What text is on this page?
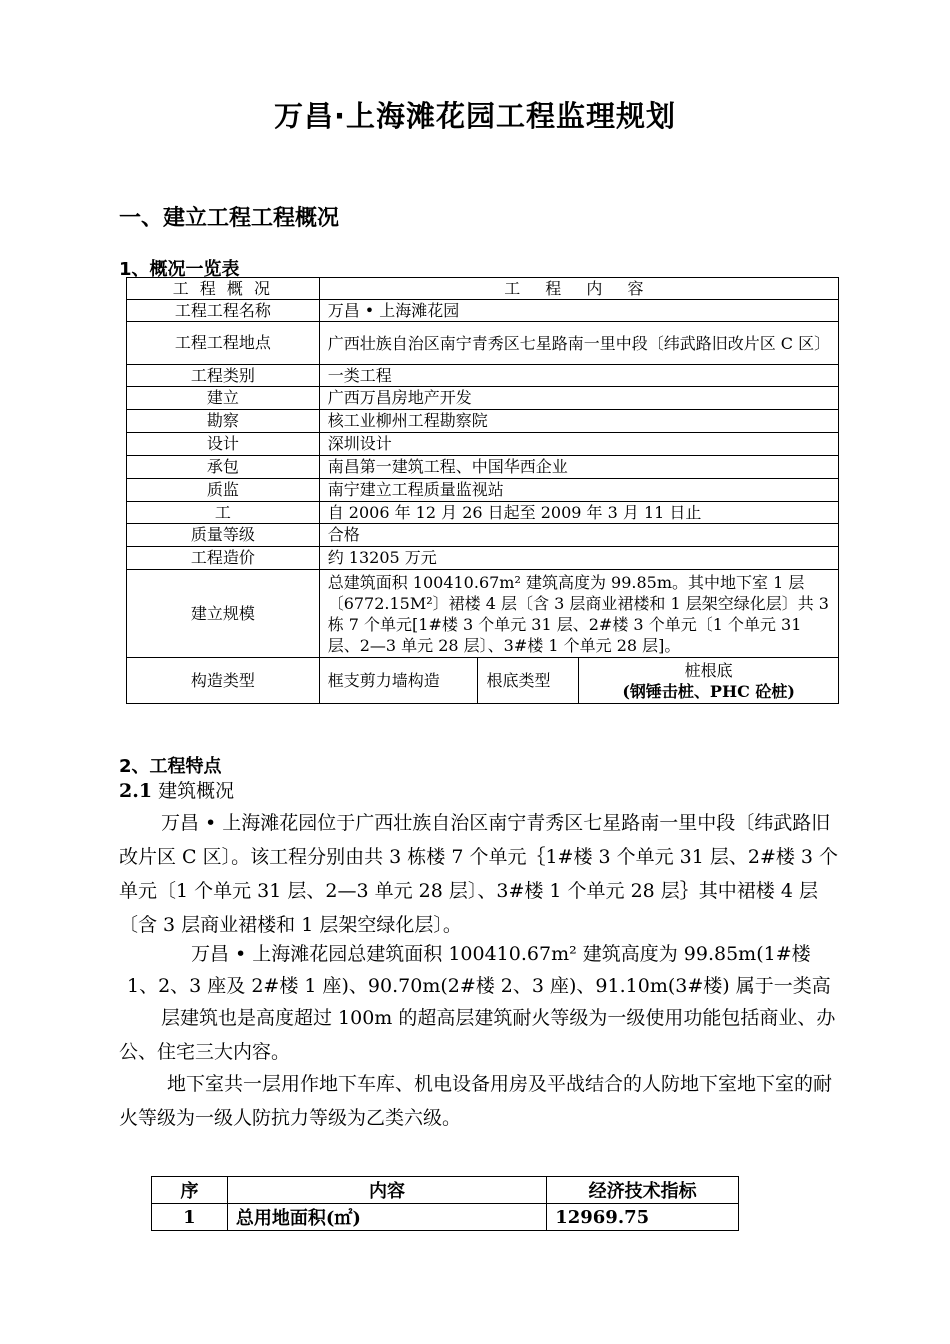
万昌·上海滩花园工程监理规划
一、建立工程工程概况
1、概况一览表
工 程 概 况	工 程 内 容		
工程工程名称	万昌 • 上海滩花园		
工程工程地点	广西壮族自治区南宁青秀区七星路南一里中段〔纬武路旧改片区 C 区〕		
工程类别	一类工程		
建立	广西万昌房地产开发		
勘察	核工业柳州工程勘察院		
设计	深圳设计		
承包	南昌第一建筑工程、中国华西企业		
质监	南宁建立工程质量监视站		
工	自 2006 年 12 月 26 日起至 2009 年 3 月 11 日止		
质量等级	合格		
工程造价	约 13205 万元		
建立规模	总建筑面积 100410.67m² 建筑高度为 99.85m。其中地下室 1 层〔6772.15M²〕裙楼 4 层〔含 3 层商业裙楼和 1 层架空绿化层〕共 3 栋 7 个单元[1#楼 3 个单元 31 层、2#楼 3 个单元〔1 个单元 31 层、2—3 单元 28 层〕、3#楼 1 个单元 28 层]。		
构造类型	框支剪力墙构造	根底类型	桩根底
(钢锤击桩、PHC 砼桩)
2、工程特点
2.1 建筑概况
万昌 • 上海滩花园位于广西壮族自治区南宁青秀区七星路南一里中段〔纬武路旧改片区 C 区〕。该工程分别由共 3 栋楼 7 个单元｛1#楼 3 个单元 31 层、2#楼 3 个单元〔1 个单元 31 层、2—3 单元 28 层〕、3#楼 1 个单元 28 层｝其中裙楼 4 层〔含 3 层商业裙楼和 1 层架空绿化层〕。
万昌 • 上海滩花园总建筑面积 100410.67m² 建筑高度为 99.85m(1#楼
1、2、3 座及 2#楼 1 座)、90.70m(2#楼 2、3 座)、91.10m(3#楼) 属于一类高
层建筑也是高度超过 100m 的超高层建筑耐火等级为一级使用功能包括商业、办公、住宅三大内容。
地下室共一层用作地下车库、机电设备用房及平战结合的人防地下室地下室的耐火等级为一级人防抗力等级为乙类六级。
序	内容	经济技术指标
1	总用地面积(㎡)	12969.75
